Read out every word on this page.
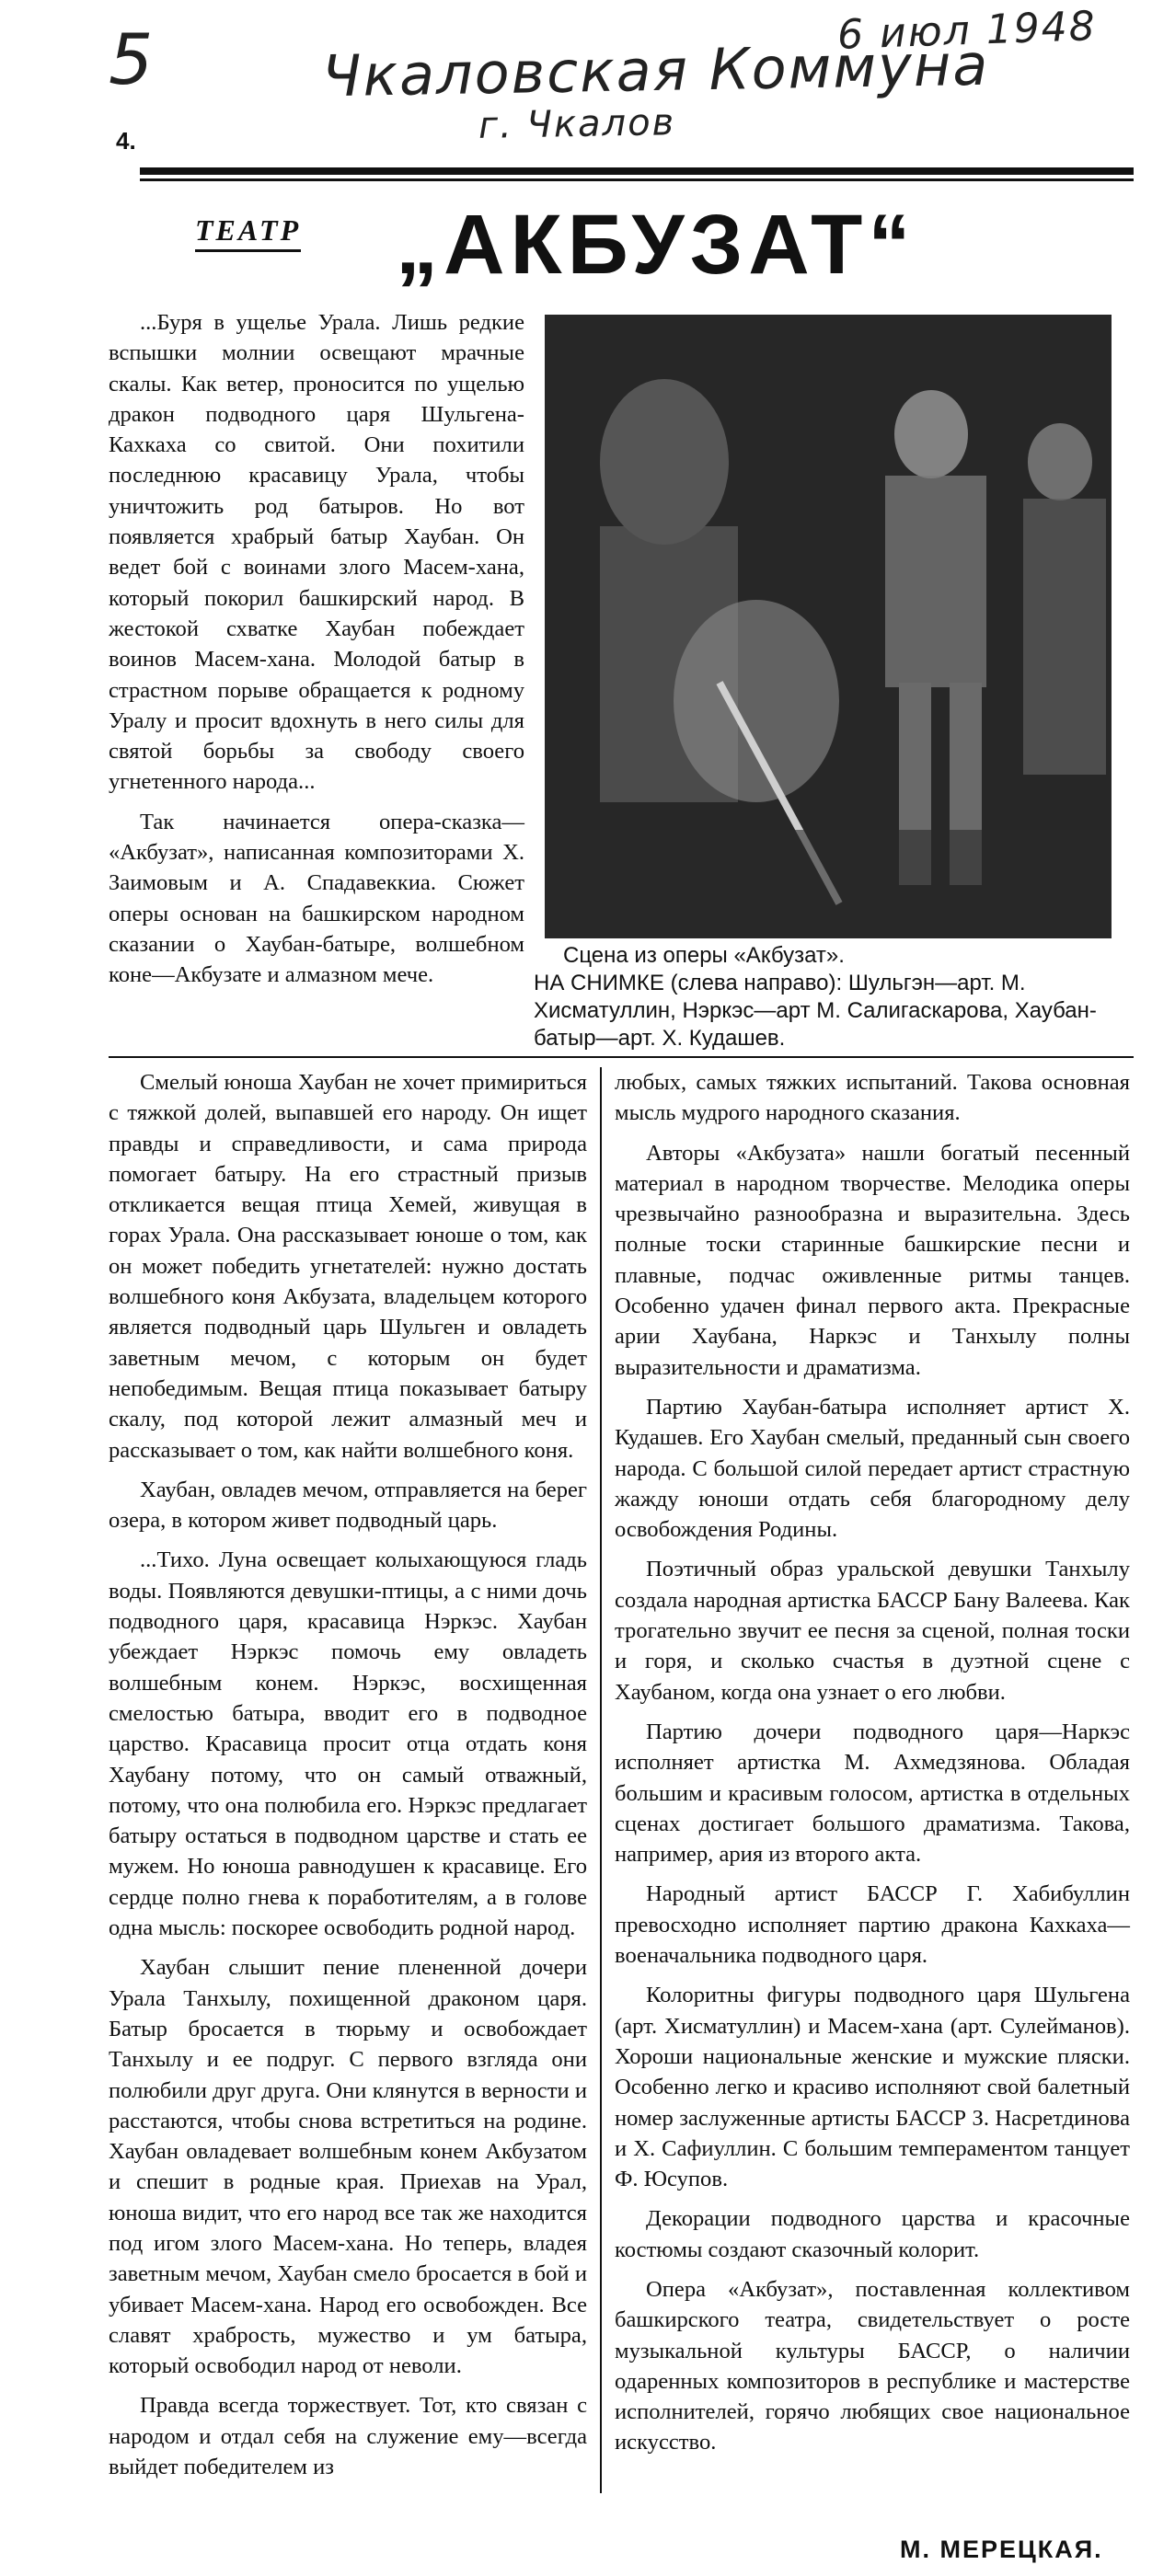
5	6 июл 1948
Чкаловская Коммуна
г. Чкалов
4.
ТЕАТР „АКБУЗАТ“

...Буря в ущелье Урала. Лишь редкие вспышки молнии освещают мрачные скалы. Как ветер, проносится по ущелью дракон подводного царя Шульгена-Кахкаха со свитой. Они похитили последнюю красавицу Урала, чтобы уничтожить род батыров. Но вот появляется храбрый батыр Хаубан. Он ведет бой с воинами злого Масем-хана, который покорил башкирский народ. В жестокой схватке Хаубан побеждает воинов Масем-хана. Молодой батыр в страстном порыве обращается к родному Уралу и просит вдохнуть в него силы для святой борьбы за свободу своего угнетенного народа...

Так начинается опера-сказка— «Акбузат», написанная композиторами Х. Заимовым и А. Спадавеккиа. Сюжет оперы основан на башкирском народном сказании о Хаубан-батыре, волшебном коне—Акбузате и алмазном мече.

Сцена из оперы «Акбузат».
НА СНИМКЕ (слева направо): Шульгэн—арт. М. Хисматуллин, Нэркэс—арт М. Салигаскарова, Хаубан-батыр—арт. Х. Кудашев.

Смелый юноша Хаубан не хочет примириться с тяжкой долей, выпавшей его народу. Он ищет правды и справедливости, и сама природа помогает батыру. На его страстный призыв откликается вещая птица Хемей, живущая в горах Урала. Она рассказывает юноше о том, как он может победить угнетателей: нужно достать волшебного коня Акбузата, владельцем которого является подводный царь Шульген и овладеть заветным мечом, с которым он будет непобедимым. Вещая птица показывает батыру скалу, под которой лежит алмазный меч и рассказывает о том, как найти волшебного коня.

Хаубан, овладев мечом, отправляется на берег озера, в котором живет подводный царь.

...Тихо. Луна освещает колыхающуюся гладь воды. Появляются девушки-птицы, а с ними дочь подводного царя, красавица Нэркэс. Хаубан убеждает Нэркэс помочь ему овладеть волшебным конем. Нэркэс, восхищенная смелостью батыра, вводит его в подводное царство. Красавица просит отца отдать коня Хаубану потому, что он самый отважный, потому, что она полюбила его. Нэркэс предлагает батыру остаться в подводном царстве и стать ее мужем. Но юноша равнодушен к красавице. Его сердце полно гнева к поработителям, а в голове одна мысль: поскорее освободить родной народ.

Хаубан слышит пение плененной дочери Урала Танхылу, похищенной драконом царя. Батыр бросается в тюрьму и освобождает Танхылу и ее подруг. С первого взгляда они полюбили друг друга. Они клянутся в верности и расстаются, чтобы снова встретиться на родине. Хаубан овладевает волшебным конем Акбузатом и спешит в родные края. Приехав на Урал, юноша видит, что его народ все так же находится под игом злого Масем-хана. Но теперь, владея заветным мечом, Хаубан смело бросается в бой и убивает Масем-хана. Народ его освобожден. Все славят храбрость, мужество и ум батыра, который освободил народ от неволи.

Правда всегда торжествует. Тот, кто связан с народом и отдал себя на служение ему—всегда выйдет победителем из

любых, самых тяжких испытаний. Такова основная мысль мудрого народного сказания.

Авторы «Акбузата» нашли богатый песенный материал в народном творчестве. Мелодика оперы чрезвычайно разнообразна и выразительна. Здесь полные тоски старинные башкирские песни и плавные, подчас оживленные ритмы танцев. Особенно удачен финал первого акта. Прекрасные арии Хаубана, Наркэс и Танхылу полны выразительности и драматизма.

Партию Хаубан-батыра исполняет артист Х. Кудашев. Его Хаубан смелый, преданный сын своего народа. С большой силой передает артист страстную жажду юноши отдать себя благородному делу освобождения Родины.

Поэтичный образ уральской девушки Танхылу создала народная артистка БАССР Бану Валеева. Как трогательно звучит ее песня за сценой, полная тоски и горя, и сколько счастья в дуэтной сцене с Хаубаном, когда она узнает о его любви.

Партию дочери подводного царя—Наркэс исполняет артистка М. Ахмедзянова. Обладая большим и красивым голосом, артистка в отдельных сценах достигает большого драматизма. Такова, например, ария из второго акта.

Народный артист БАССР Г. Хабибуллин превосходно исполняет партию дракона Кахкаха—военачальника подводного царя.

Колоритны фигуры подводного царя Шульгена (арт. Хисматуллин) и Масем-хана (арт. Сулейманов). Хороши национальные женские и мужские пляски. Особенно легко и красиво исполняют свой балетный номер заслуженные артисты БАССР З. Насретдинова и Х. Сафиуллин. С большим темпераментом танцует Ф. Юсупов.

Декорации подводного царства и красочные костюмы создают сказочный колорит.

Опера «Акбузат», поставленная коллективом башкирского театра, свидетельствует о росте музыкальной культуры БАССР, о наличии одаренных композиторов в республике и мастерстве исполнителей, горячо любящих свое национальное искусство.

М. МЕРЕЦКАЯ.
